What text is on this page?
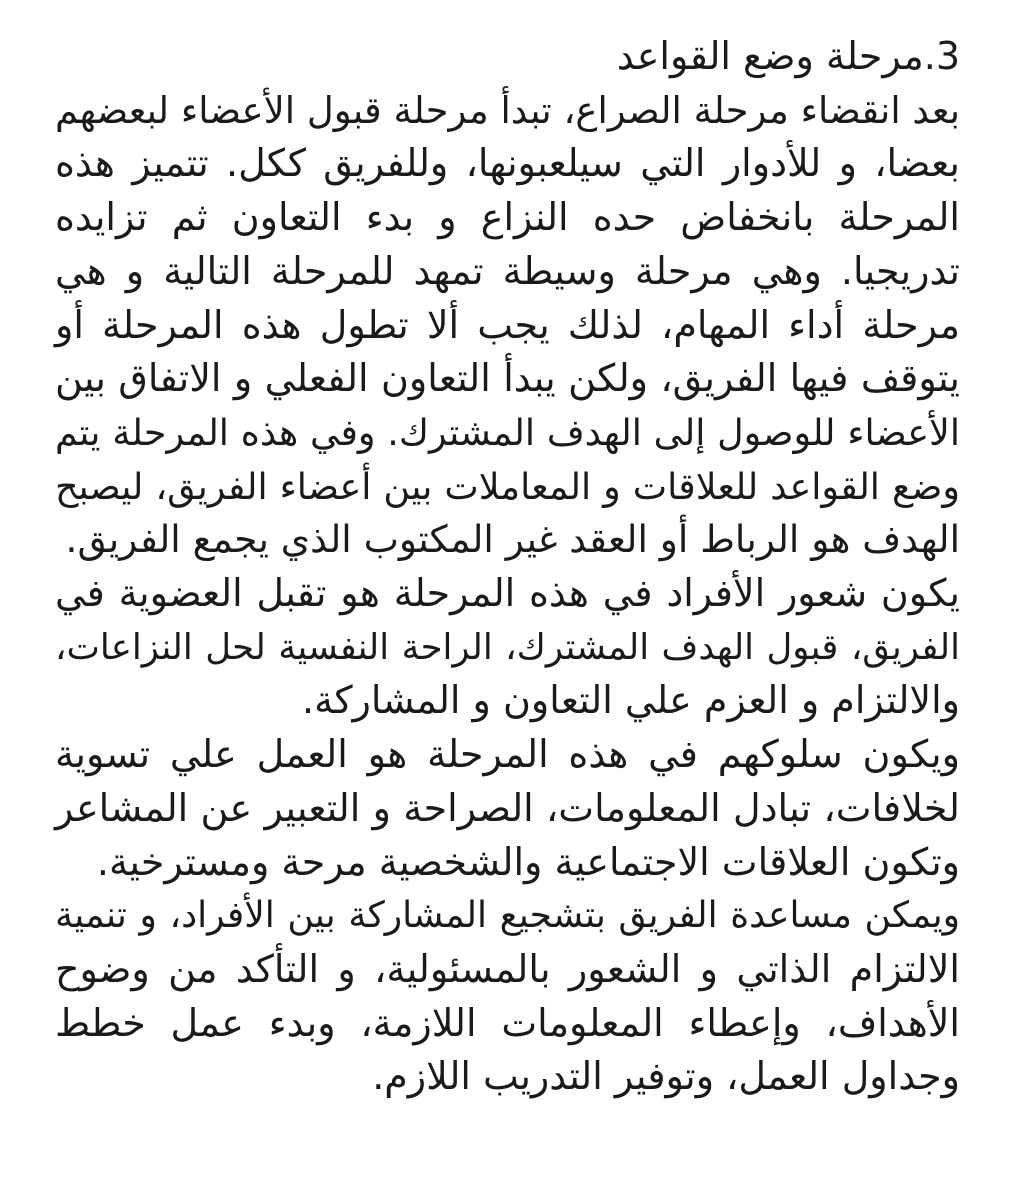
3.مرحلة وضع القواعد
بعد انقضاء مرحلة الصراع، تبدأ مرحلة قبول الأعضاء لبعضهم
بعضا، و للأدوار التي سيلعبونها، وللفريق ككل. تتميز هذه
المرحلة بانخفاض حده النزاع و بدء التعاون ثم تزايده
تدريجيا. وهي مرحلة وسيطة تمهد للمرحلة التالية و هي
مرحلة أداء المهام، لذلك يجب ألا تطول هذه المرحلة أو
يتوقف فيها الفريق، ولكن يبدأ التعاون الفعلي و الاتفاق بين
الأعضاء للوصول إلى الهدف المشترك. وفي هذه المرحلة يتم
وضع القواعد للعلاقات و المعاملات بين أعضاء الفريق، ليصبح
الهدف هو الرباط أو العقد غير المكتوب الذي يجمع الفريق.
يكون شعور الأفراد في هذه المرحلة هو تقبل العضوية في
الفريق، قبول الهدف المشترك، الراحة النفسية لحل النزاعات،
والالتزام و العزم علي التعاون و المشاركة.
ويكون سلوكهم في هذه المرحلة هو العمل علي تسوية
لخلافات، تبادل المعلومات، الصراحة و التعبير عن المشاعر
وتكون العلاقات الاجتماعية والشخصية مرحة ومسترخية.
ويمكن مساعدة الفريق بتشجيع المشاركة بين الأفراد، و تنمية
الالتزام الذاتي و الشعور بالمسئولية، و التأكد من وضوح
الأهداف، وإعطاء المعلومات اللازمة، وبدء عمل خطط
وجداول العمل، وتوفير التدريب اللازم.
